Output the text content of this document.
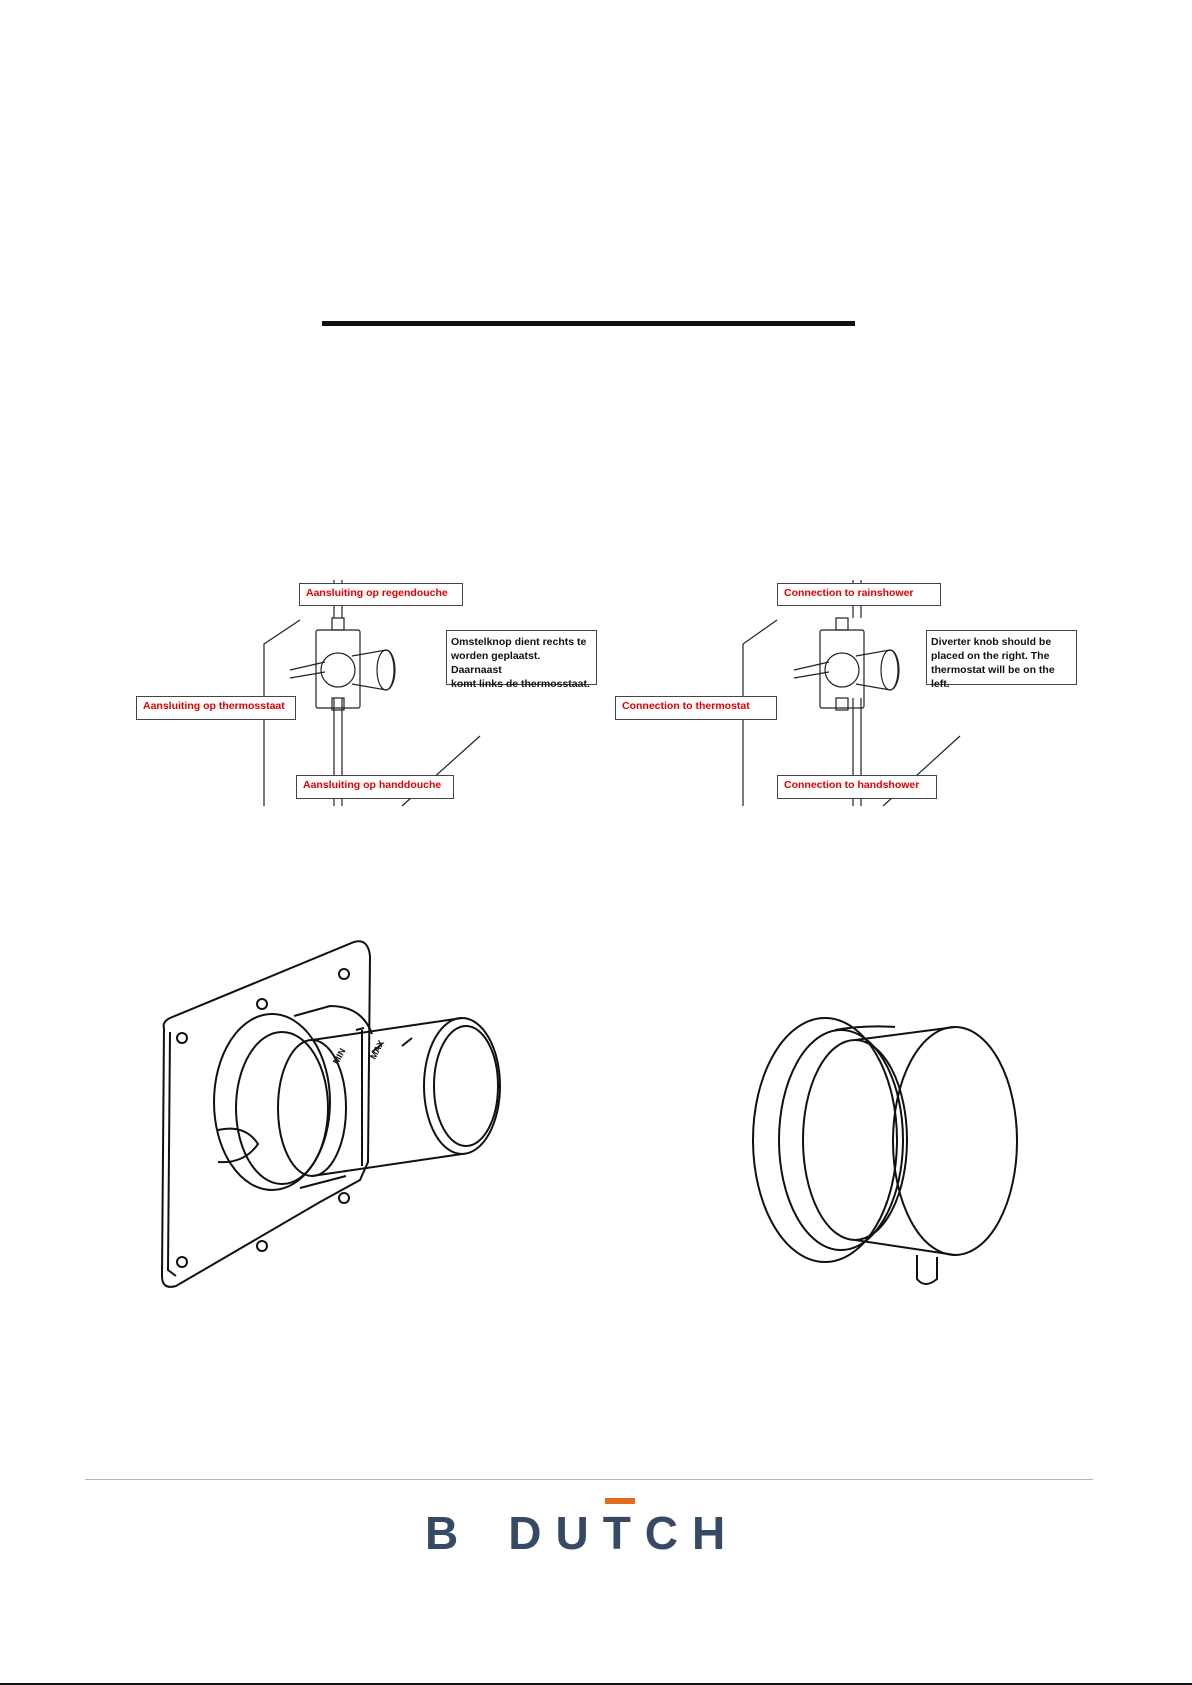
Aansluiting op regendouche
Aansluiting op thermosstaat
Aansluiting op handdouche
Omstelknop dient rechts te
worden geplaatst. Daarnaast
komt links de thermosstaat.
Connection to rainshower
Connection to thermostat
Connection to handshower
Diverter knob should be
placed on the right. The
thermostat will be on the left.
MIN MAX
B DU T CH
